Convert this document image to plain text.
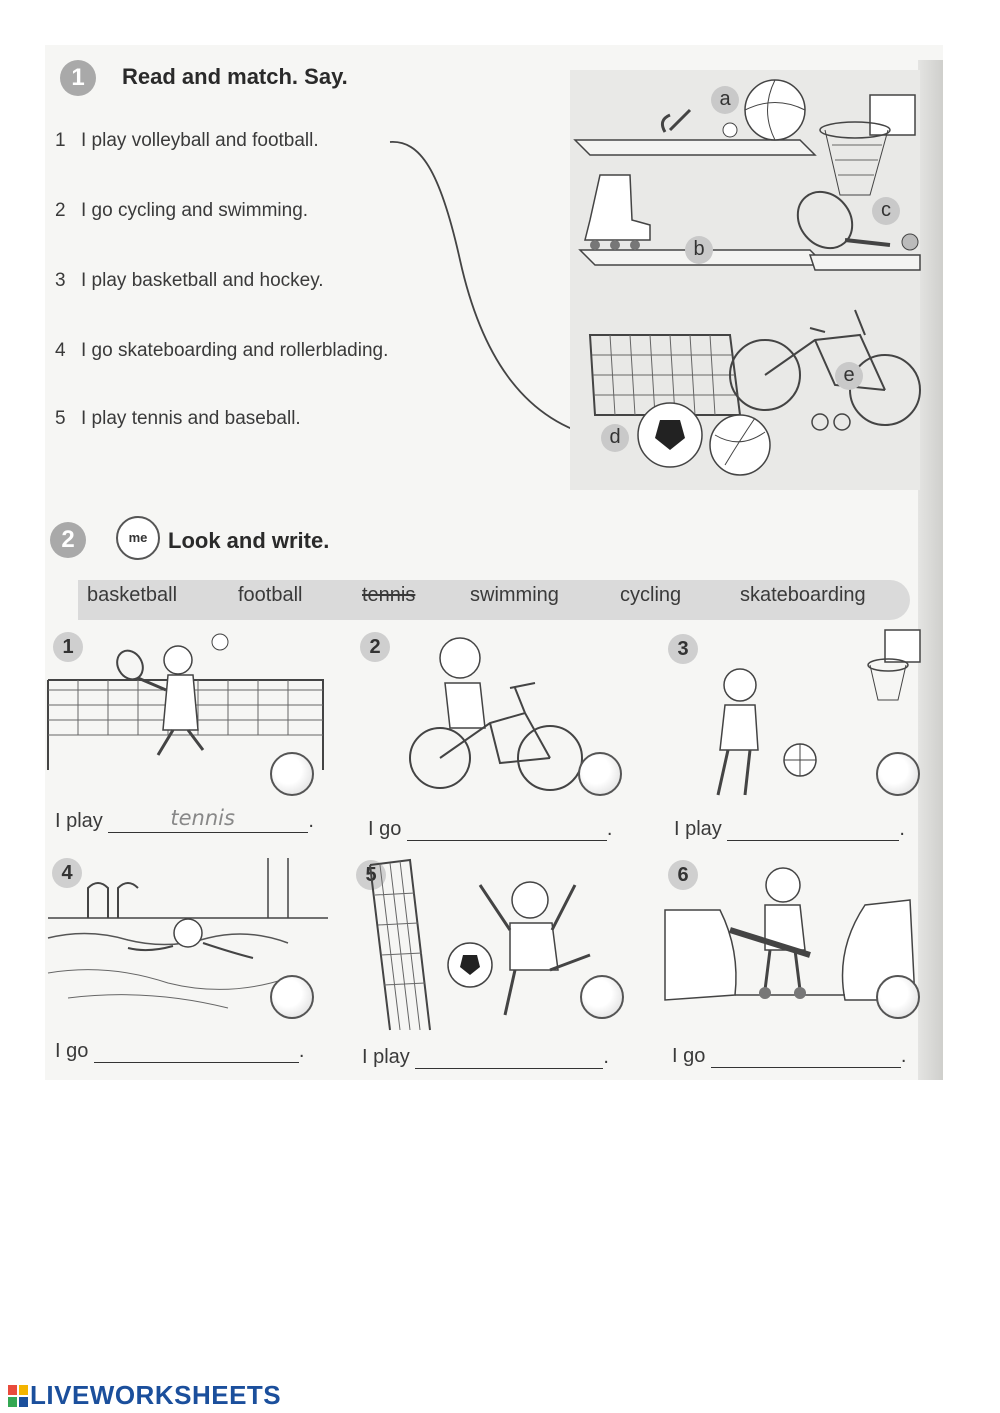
1	Read and match. Say.
1 I play volleyball and football.
2 I go cycling and swimming.
3 I play basketball and hockey.
4 I go skateboarding and rollerblading.
5 I play tennis and baseball.
a
b
c
d
e
2	me Look and write.
basketball	football	tennis	swimming	cycling	skateboarding
1
I play	tennis	.
2
I go	.
3
I play	.
4
I go	.
5
I play	.
6
I go	.
LIVEWORKSHEETS
